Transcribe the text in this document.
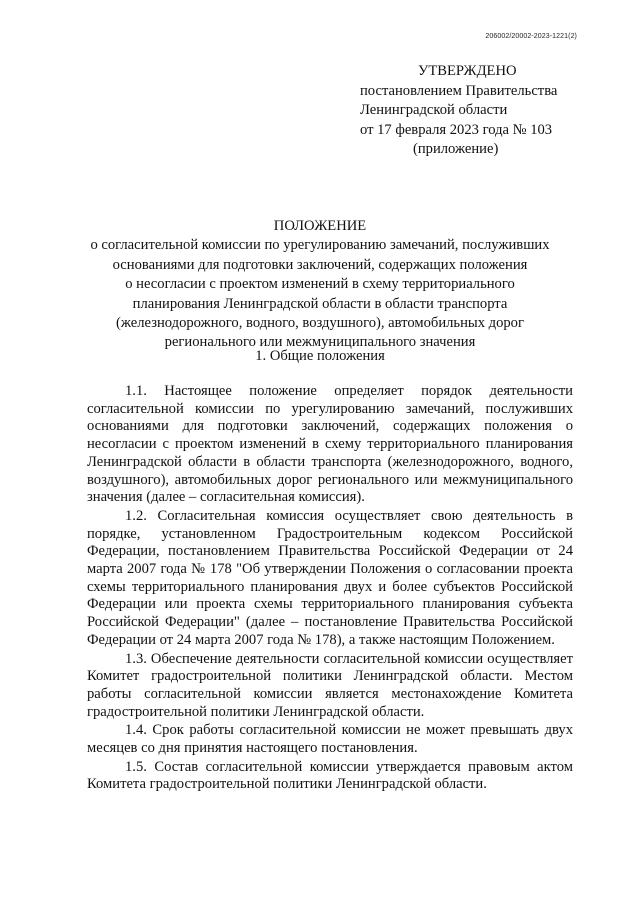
206002/20002-2023-1221(2)
УТВЕРЖДЕНО
постановлением Правительства
Ленинградской области
от 17 февраля 2023 года № 103
(приложение)
ПОЛОЖЕНИЕ
о согласительной комиссии по урегулированию замечаний, послуживших
основаниями для подготовки заключений, содержащих положения
о несогласии с проектом изменений в схему территориального
планирования Ленинградской области в области транспорта
(железнодорожного, водного, воздушного), автомобильных дорог
регионального или межмуниципального значения
1. Общие положения

1.1. Настоящее положение определяет порядок деятельности согласительной комиссии по урегулированию замечаний, послуживших основаниями для подготовки заключений, содержащих положения о несогласии с проектом изменений в схему территориального планирования Ленинградской области в области транспорта (железнодорожного, водного, воздушного), автомобильных дорог регионального или межмуниципального значения (далее – согласительная комиссия).

1.2. Согласительная комиссия осуществляет свою деятельность в порядке, установленном Градостроительным кодексом Российской Федерации, постановлением Правительства Российской Федерации от 24 марта 2007 года № 178 "Об утверждении Положения о согласовании проекта схемы территориального планирования двух и более субъектов Российской Федерации или проекта схемы территориального планирования субъекта Российской Федерации" (далее – постановление Правительства Российской Федерации от 24 марта 2007 года № 178), а также настоящим Положением.

1.3. Обеспечение деятельности согласительной комиссии осуществляет Комитет градостроительной политики Ленинградской области. Местом работы согласительной комиссии является местонахождение Комитета градостроительной политики Ленинградской области.

1.4. Срок работы согласительной комиссии не может превышать двух месяцев со дня принятия настоящего постановления.

1.5. Состав согласительной комиссии утверждается правовым актом Комитета градостроительной политики Ленинградской области.
